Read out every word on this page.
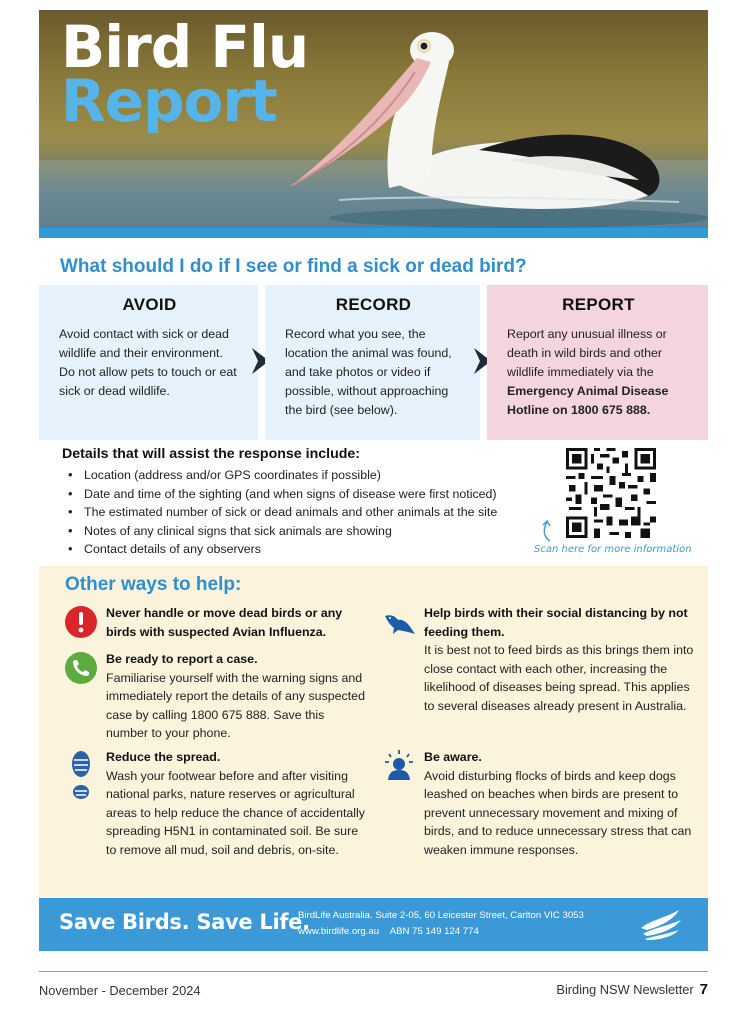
Bird Flu
Report
What should I do if I see or find a sick or dead bird?
AVOID

Avoid contact with sick or dead wildlife and their environment. Do not allow pets to touch or eat sick or dead wildlife.

RECORD

Record what you see, the location the animal was found, and take photos or video if possible, without approaching the bird (see below).

REPORT

Report any unusual illness or death in wild birds and other wildlife immediately via the Emergency Animal Disease Hotline on 1800 675 888.

Details that will assist the response include:
• Location (address and/or GPS coordinates if possible)
• Date and time of the sighting (and when signs of disease were first noticed)
• The estimated number of sick or dead animals and other animals at the site
• Notes of any clinical signs that sick animals are showing
• Contact details of any observers	Scan here for more information
Other ways to help:
Never handle or move dead birds or any birds with suspected Avian Influenza.
Be ready to report a case.
Familiarise yourself with the warning signs and immediately report the details of any suspected case by calling 1800 675 888. Save this number to your phone.
Reduce the spread.
Wash your footwear before and after visiting national parks, nature reserves or agricultural areas to help reduce the chance of accidentally spreading H5N1 in contaminated soil. Be sure to remove all mud, soil and debris, on-site.
Help birds with their social distancing by not feeding them.
It is best not to feed birds as this brings them into close contact with each other, increasing the likelihood of diseases being spread. This applies to several diseases already present in Australia.
Be aware.
Avoid disturbing flocks of birds and keep dogs leashed on beaches when birds are present to prevent unnecessary movement and mixing of birds, and to reduce unnecessary stress that can weaken immune responses.
Save Birds. Save Life.
BirdLife Australia. Suite 2-05, 60 Leicester Street, Carlton VIC 3053
www.birdlife.org.au ABN 75 149 124 774
November - December 2024	Birding NSW Newsletter 7
